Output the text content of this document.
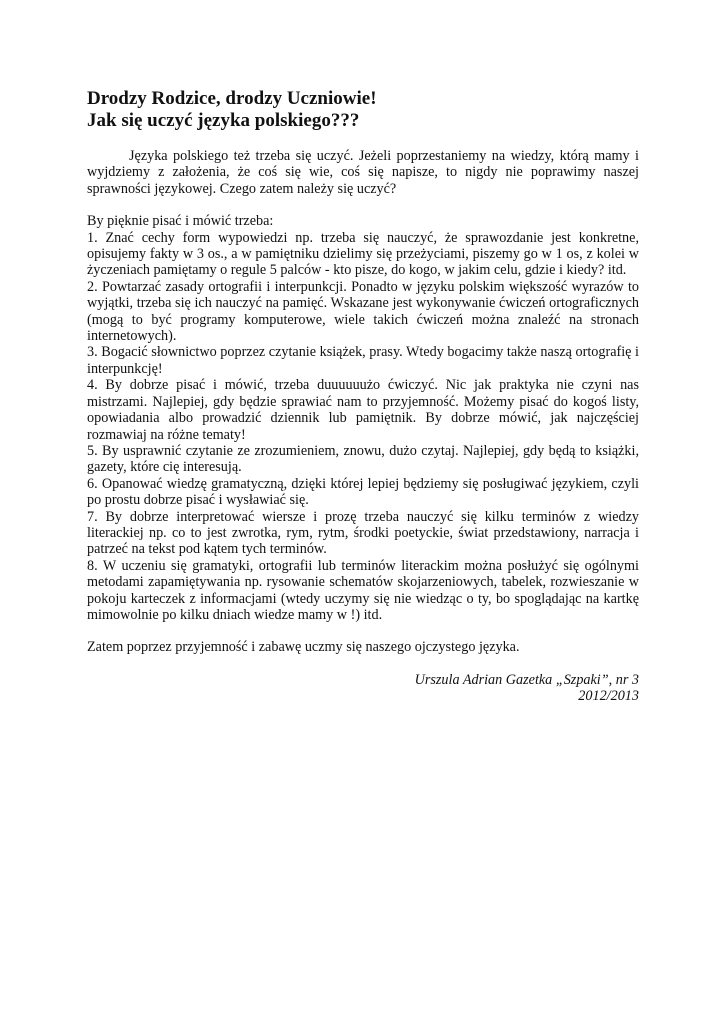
Drodzy Rodzice, drodzy Uczniowie!
Jak się uczyć języka polskiego???

Języka polskiego też trzeba się uczyć. Jeżeli poprzestaniemy na wiedzy, którą mamy i wyjdziemy z założenia, że coś się wie, coś się napisze, to nigdy nie poprawimy naszej sprawności językowej. Czego zatem należy się uczyć?

By pięknie pisać i mówić trzeba:

1. Znać cechy form wypowiedzi np. trzeba się nauczyć, że sprawozdanie jest konkretne, opisujemy fakty w 3 os., a w pamiętniku dzielimy się przeżyciami, piszemy go w 1 os, z kolei w życzeniach pamiętamy o regule 5 palców - kto pisze, do kogo, w jakim celu, gdzie i kiedy? itd.

2. Powtarzać zasady ortografii i interpunkcji. Ponadto w języku polskim większość wyrazów to wyjątki, trzeba się ich nauczyć na pamięć. Wskazane jest wykonywanie ćwiczeń ortograficznych (mogą to być programy komputerowe, wiele takich ćwiczeń można znaleźć na stronach internetowych).

3. Bogacić słownictwo poprzez czytanie książek, prasy. Wtedy bogacimy także naszą ortografię i interpunkcję!

4. By dobrze pisać i mówić, trzeba duuuuuużo ćwiczyć. Nic jak praktyka nie czyni nas mistrzami. Najlepiej, gdy będzie sprawiać nam to przyjemność. Możemy pisać do kogoś listy, opowiadania albo prowadzić dziennik lub pamiętnik. By dobrze mówić, jak najczęściej rozmawiaj na różne tematy!

5. By usprawnić czytanie ze zrozumieniem, znowu, dużo czytaj. Najlepiej, gdy będą to książki, gazety, które cię interesują.

6. Opanować wiedzę gramatyczną, dzięki której lepiej będziemy się posługiwać językiem, czyli po prostu dobrze pisać i wysławiać się.

7. By dobrze interpretować wiersze i prozę trzeba nauczyć się kilku terminów z wiedzy literackiej np. co to jest zwrotka, rym, rytm, środki poetyckie, świat przedstawiony, narracja i patrzeć na tekst pod kątem tych terminów.

8. W uczeniu się gramatyki, ortografii lub terminów literackim można posłużyć się ogólnymi metodami zapamiętywania np. rysowanie schematów skojarzeniowych, tabelek, rozwieszanie w pokoju karteczek z informacjami (wtedy uczymy się nie wiedząc o ty, bo spoglądając na kartkę mimowolnie po kilku dniach wiedze mamy w !) itd.

Zatem poprzez przyjemność i zabawę uczmy się naszego ojczystego języka.

Urszula Adrian Gazetka „Szpaki”, nr 3
2012/2013
